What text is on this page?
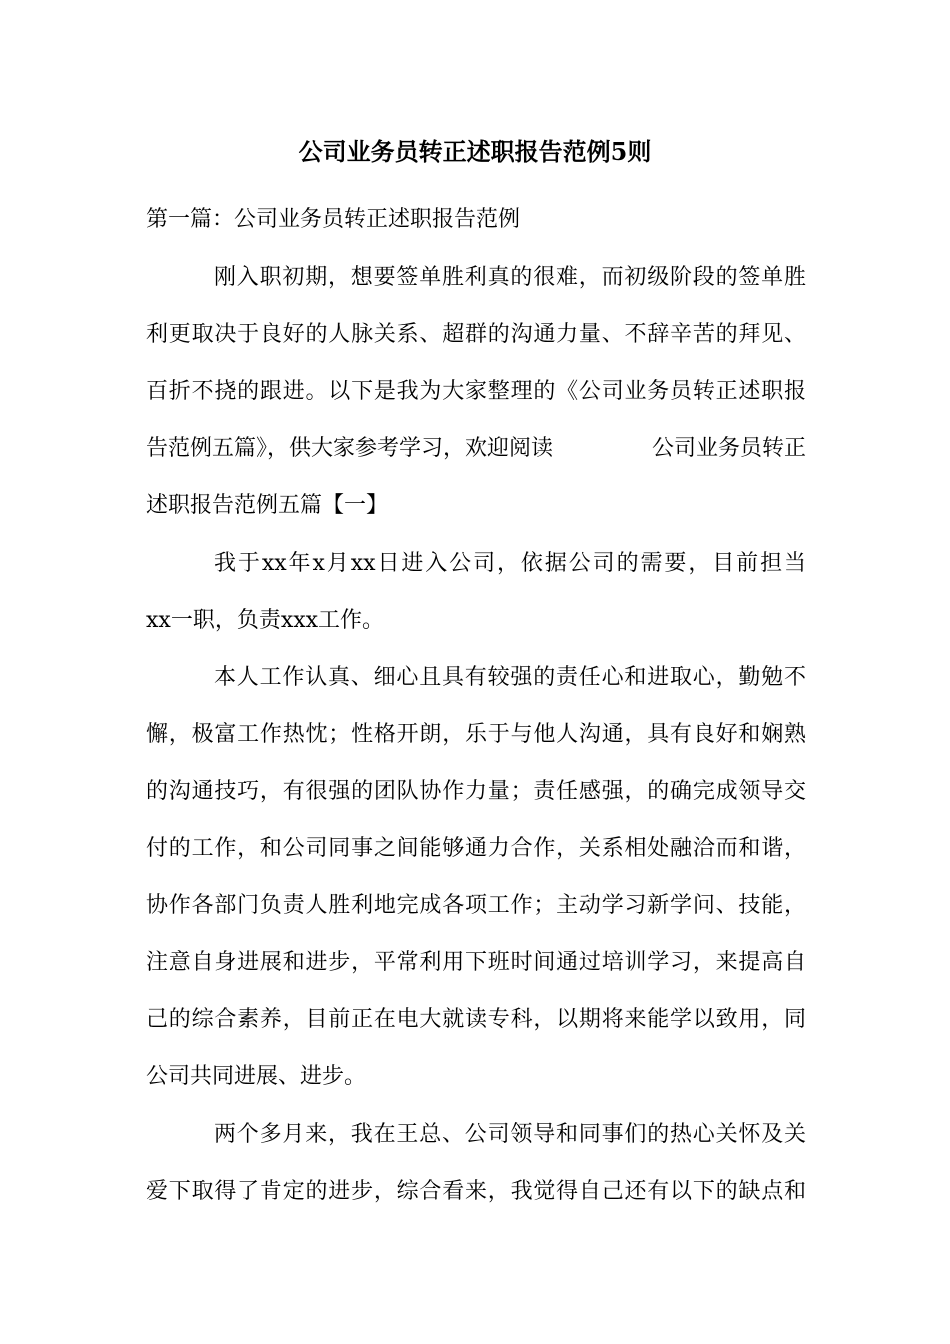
公司业务员转正述职报告范例5则
第一篇：公司业务员转正述职报告范例
刚入职初期，想要签单胜利真的很难，而初级阶段的签单胜
利更取决于良好的人脉关系、超群的沟通力量、不辞辛苦的拜见、
百折不挠的跟进。以下是我为大家整理的《公司业务员转正述职报
告范例五篇》，供大家参考学习，欢迎阅读	公司业务员转正
述职报告范例五篇【一】
我于xx年x月xx日进入公司，依据公司的需要，目前担当
xx一职，负责xxx工作。
本人工作认真、细心且具有较强的责任心和进取心，勤勉不
懈，极富工作热忱；性格开朗，乐于与他人沟通，具有良好和娴熟
的沟通技巧，有很强的团队协作力量；责任感强，的确完成领导交
付的工作，和公司同事之间能够通力合作，关系相处融洽而和谐，
协作各部门负责人胜利地完成各项工作；主动学习新学问、技能，
注意自身进展和进步，平常利用下班时间通过培训学习，来提高自
己的综合素养，目前正在电大就读专科，以期将来能学以致用，同
公司共同进展、进步。
两个多月来，我在王总、公司领导和同事们的热心关怀及关
爱下取得了肯定的进步，综合看来，我觉得自己还有以下的缺点和
